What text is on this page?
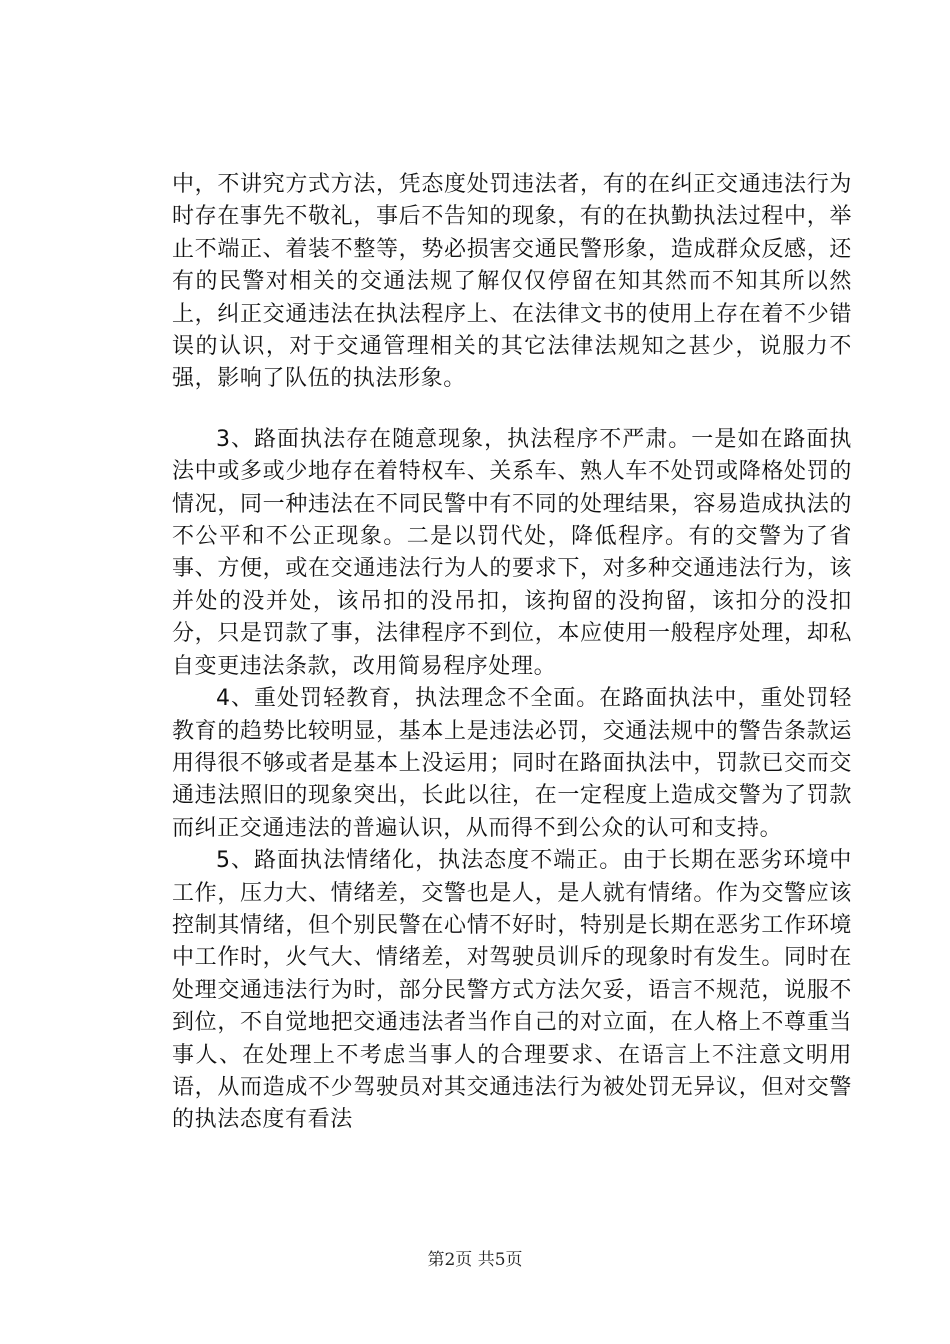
中，不讲究方式方法，凭态度处罚违法者，有的在纠正交通违法行为时存在事先不敬礼，事后不告知的现象，有的在执勤执法过程中，举止不端正、着装不整等，势必损害交通民警形象，造成群众反感，还有的民警对相关的交通法规了解仅仅停留在知其然而不知其所以然上，纠正交通违法在执法程序上、在法律文书的使用上存在着不少错误的认识，对于交通管理相关的其它法律法规知之甚少，说服力不强，影响了队伍的执法形象。

3、路面执法存在随意现象，执法程序不严肃。一是如在路面执法中或多或少地存在着特权车、关系车、熟人车不处罚或降格处罚的情况，同一种违法在不同民警中有不同的处理结果，容易造成执法的不公平和不公正现象。二是以罚代处，降低程序。有的交警为了省事、方便，或在交通违法行为人的要求下，对多种交通违法行为，该并处的没并处，该吊扣的没吊扣，该拘留的没拘留，该扣分的没扣分，只是罚款了事，法律程序不到位，本应使用一般程序处理，却私自变更违法条款，改用简易程序处理。

4、重处罚轻教育，执法理念不全面。在路面执法中，重处罚轻教育的趋势比较明显，基本上是违法必罚，交通法规中的警告条款运用得很不够或者是基本上没运用；同时在路面执法中，罚款已交而交通违法照旧的现象突出，长此以往，在一定程度上造成交警为了罚款而纠正交通违法的普遍认识，从而得不到公众的认可和支持。

5、路面执法情绪化，执法态度不端正。由于长期在恶劣环境中工作，压力大、情绪差，交警也是人，是人就有情绪。作为交警应该控制其情绪，但个别民警在心情不好时，特别是长期在恶劣工作环境中工作时，火气大、情绪差，对驾驶员训斥的现象时有发生。同时在处理交通违法行为时，部分民警方式方法欠妥，语言不规范，说服不到位，不自觉地把交通违法者当作自己的对立面，在人格上不尊重当事人、在处理上不考虑当事人的合理要求、在语言上不注意文明用语，从而造成不少驾驶员对其交通违法行为被处罚无异议，但对交警的执法态度有看法

第2页 共5页
